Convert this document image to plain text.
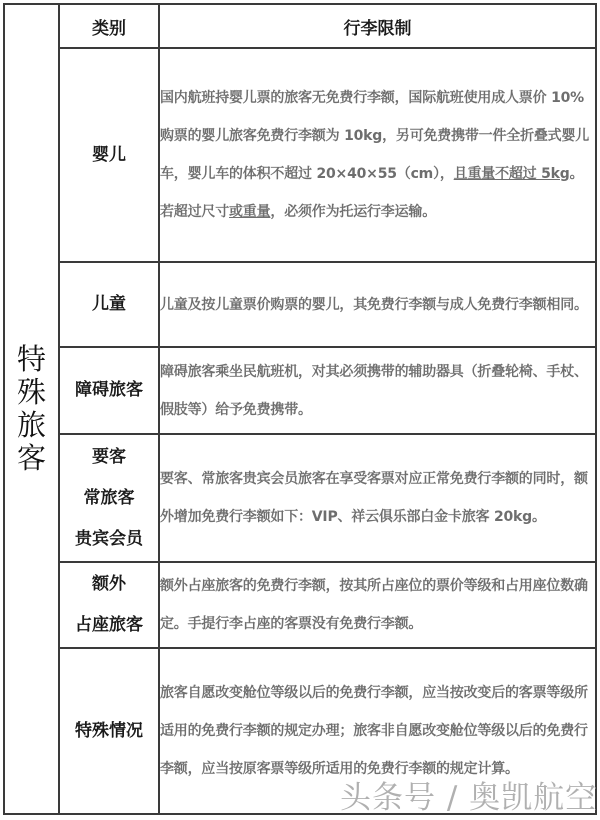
特殊旅客	类别	行李限制

	婴儿	国内航班持婴儿票的旅客无免费行李额，国际航班使用成人票价 10%购票的婴儿旅客免费行李额为 10kg，另可免费携带一件全折叠式婴儿车，婴儿车的体积不超过 20×40×55（cm），且重量不超过 5kg。若超过尺寸或重量，必须作为托运行李运输。

	儿童	儿童及按儿童票价购票的婴儿，其免费行李额与成人免费行李额相同。

	障碍旅客	障碍旅客乘坐民航班机，对其必须携带的辅助器具（折叠轮椅、手杖、假肢等）给予免费携带。

	要客
常旅客
贵宾会员	要客、常旅客贵宾会员旅客在享受客票对应正常免费行李额的同时，额外增加免费行李额如下：VIP、祥云俱乐部白金卡旅客 20kg。

	额外
占座旅客	额外占座旅客的免费行李额，按其所占座位的票价等级和占用座位数确定。手提行李占座的客票没有免费行李额。

	特殊情况	旅客自愿改变舱位等级以后的免费行李额，应当按改变后的客票等级所适用的免费行李额的规定办理；旅客非自愿改变舱位等级以后的免费行李额，应当按原客票等级所适用的免费行李额的规定计算。
头条号 / 奥凯航空
